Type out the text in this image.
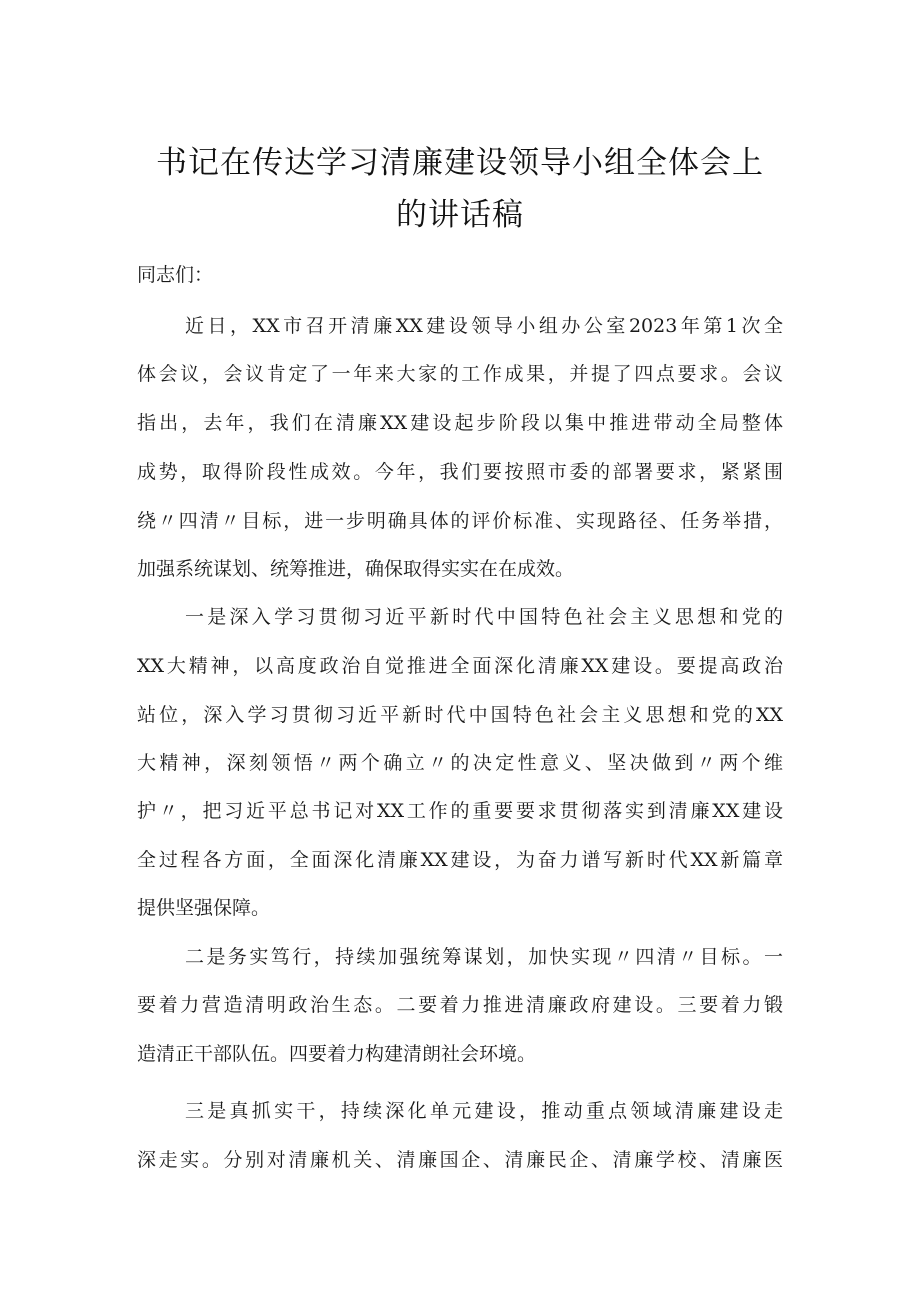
书记在传达学习清廉建设领导小组全体会上
的讲话稿
同志们：
近日，XX市召开清廉XX建设领导小组办公室2023年第1次全
体会议，会议肯定了一年来大家的工作成果，并提了四点要求。会议
指出，去年，我们在清廉XX建设起步阶段以集中推进带动全局整体
成势，取得阶段性成效。今年，我们要按照市委的部署要求，紧紧围
绕〃四清〃目标，进一步明确具体的评价标准、实现路径、任务举措，
加强系统谋划、统筹推进，确保取得实实在在成效。
一是深入学习贯彻习近平新时代中国特色社会主义思想和党的
XX大精神，以高度政治自觉推进全面深化清廉XX建设。要提高政治
站位，深入学习贯彻习近平新时代中国特色社会主义思想和党的XX
大精神，深刻领悟〃两个确立〃的决定性意义、坚决做到〃两个维
护〃，把习近平总书记对XX工作的重要要求贯彻落实到清廉XX建设
全过程各方面，全面深化清廉XX建设，为奋力谱写新时代XX新篇章
提供坚强保障。
二是务实笃行，持续加强统筹谋划，加快实现〃四清〃目标。一
要着力营造清明政治生态。二要着力推进清廉政府建设。三要着力锻
造清正干部队伍。四要着力构建清朗社会环境。
三是真抓实干，持续深化单元建设，推动重点领域清廉建设走
深走实。分别对清廉机关、清廉国企、清廉民企、清廉学校、清廉医
